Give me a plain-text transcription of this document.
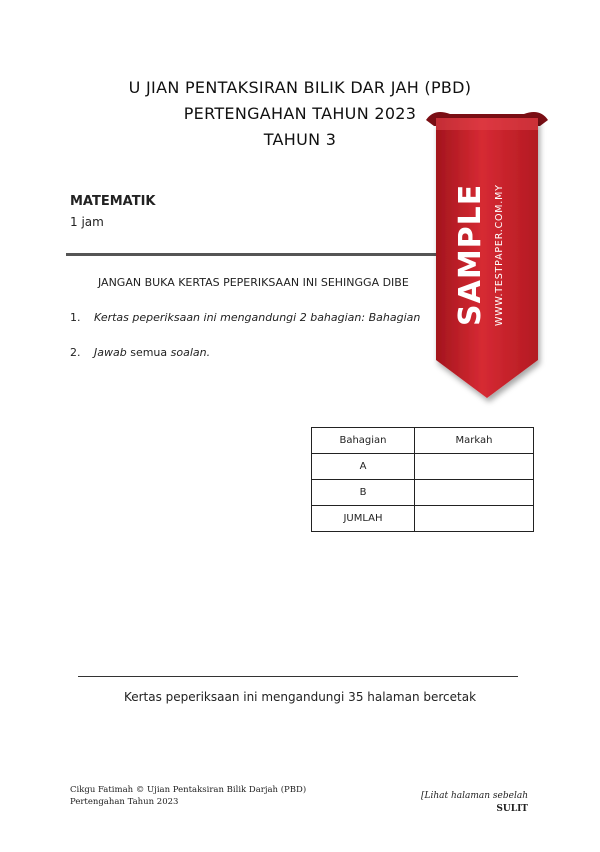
U JIAN PENTAKSIRAN BILIK DAR JAH (PBD)
PERTENGAHAN TAHUN 2023
TAHUN 3
MATEMATIK
1 jam
JANGAN BUKA KERTAS PEPERIKSAAN INI SEHINGGA DIBE
1. Kertas peperiksaan ini mengandungi 2 bahagian: Bahagian
2. Jawab semua soalan.
Bahagian	Markah
A	
B	
JUMLAH	
Kertas peperiksaan ini mengandungi 35 halaman bercetak
Cikgu Fatimah © Ujian Pentaksiran Bilik Darjah (PBD)
Pertengahan Tahun 2023
[Lihat halaman sebelah
SULIT
SAMPLE WWW.TESTPAPER.COM.MY
